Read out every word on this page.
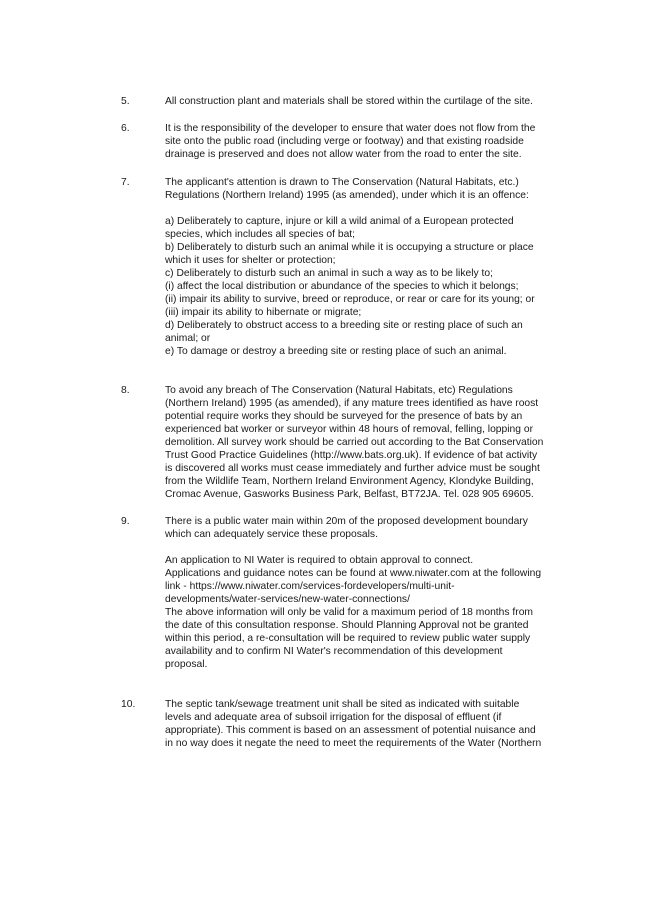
5.	All construction plant and materials shall be stored within the curtilage of the site.
6.	It is the responsibility of the developer to ensure that water does not flow from the
site onto the public road (including verge or footway) and that existing roadside
drainage is preserved and does not allow water from the road to enter the site.
7.	The applicant's attention is drawn to The Conservation (Natural Habitats, etc.)
Regulations (Northern Ireland) 1995 (as amended), under which it is an offence:

a) Deliberately to capture, injure or kill a wild animal of a European protected
species, which includes all species of bat;
b) Deliberately to disturb such an animal while it is occupying a structure or place
which it uses for shelter or protection;
c) Deliberately to disturb such an animal in such a way as to be likely to;
(i) affect the local distribution or abundance of the species to which it belongs;
(ii) impair its ability to survive, breed or reproduce, or rear or care for its young; or
(iii) impair its ability to hibernate or migrate;
d) Deliberately to obstruct access to a breeding site or resting place of such an
animal; or
e) To damage or destroy a breeding site or resting place of such an animal.
8.	To avoid any breach of The Conservation (Natural Habitats, etc) Regulations
(Northern Ireland) 1995 (as amended), if any mature trees identified as have roost
potential require works they should be surveyed for the presence of bats by an
experienced bat worker or surveyor within 48 hours of removal, felling, lopping or
demolition. All survey work should be carried out according to the Bat Conservation
Trust Good Practice Guidelines (http://www.bats.org.uk). If evidence of bat activity
is discovered all works must cease immediately and further advice must be sought
from the Wildlife Team, Northern Ireland Environment Agency, Klondyke Building,
Cromac Avenue, Gasworks Business Park, Belfast, BT72JA. Tel. 028 905 69605.
9.	There is a public water main within 20m of the proposed development boundary
which can adequately service these proposals.

An application to NI Water is required to obtain approval to connect.
Applications and guidance notes can be found at www.niwater.com at the following
link - https://www.niwater.com/services-fordevelopers/multi-unit-
developments/water-services/new-water-connections/
The above information will only be valid for a maximum period of 18 months from
the date of this consultation response. Should Planning Approval not be granted
within this period, a re-consultation will be required to review public water supply
availability and to confirm NI Water's recommendation of this development
proposal.
10.	The septic tank/sewage treatment unit shall be sited as indicated with suitable
levels and adequate area of subsoil irrigation for the disposal of effluent (if
appropriate). This comment is based on an assessment of potential nuisance and
in no way does it negate the need to meet the requirements of the Water (Northern
